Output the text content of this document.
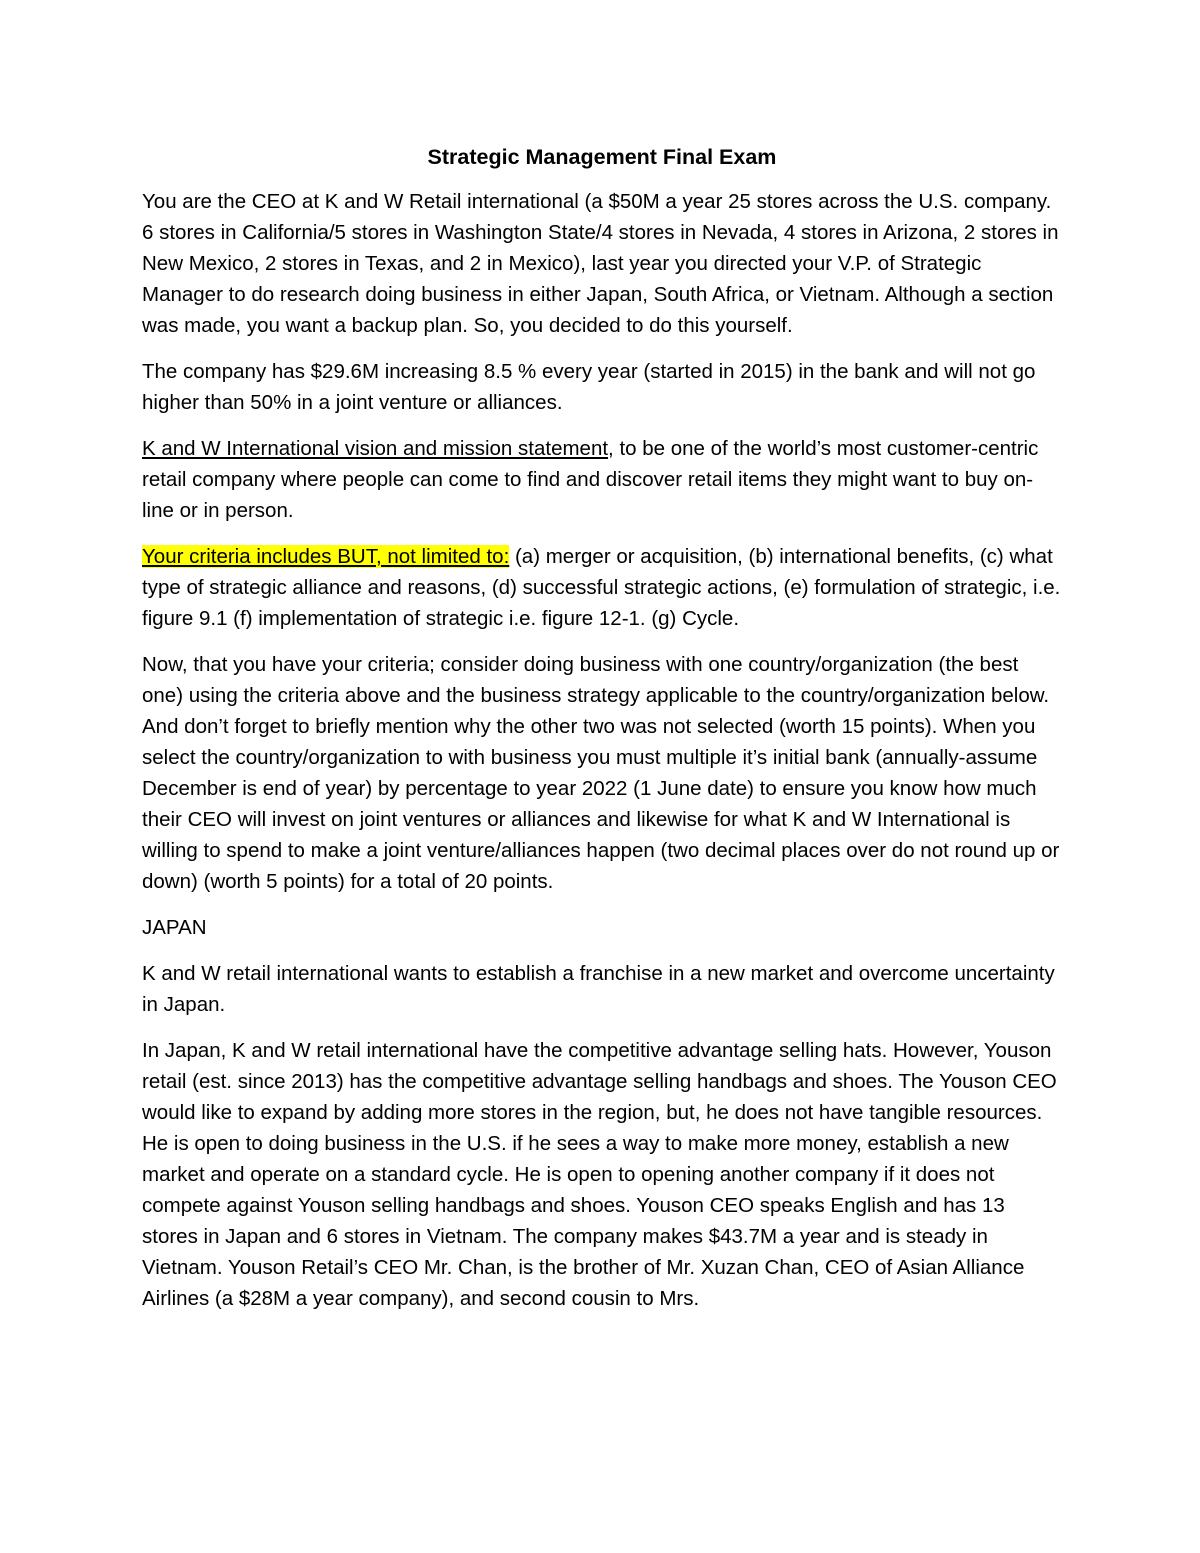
Strategic Management Final Exam

You are the CEO at K and W Retail international (a $50M a year 25 stores across the U.S. company. 6 stores in California/5 stores in Washington State/4 stores in Nevada, 4 stores in Arizona, 2 stores in New Mexico, 2 stores in Texas, and 2 in Mexico), last year you directed your V.P. of Strategic Manager to do research doing business in either Japan, South Africa, or Vietnam. Although a section was made, you want a backup plan. So, you decided to do this yourself.

The company has $29.6M increasing 8.5 % every year (started in 2015) in the bank and will not go higher than 50% in a joint venture or alliances.

K and W International vision and mission statement, to be one of the world’s most customer-centric retail company where people can come to find and discover retail items they might want to buy on-line or in person.

Your criteria includes BUT, not limited to: (a) merger or acquisition, (b) international benefits, (c) what type of strategic alliance and reasons, (d) successful strategic actions, (e) formulation of strategic, i.e. figure 9.1 (f) implementation of strategic i.e. figure 12-1. (g) Cycle.

Now, that you have your criteria; consider doing business with one country/organization (the best one) using the criteria above and the business strategy applicable to the country/organization below. And don’t forget to briefly mention why the other two was not selected (worth 15 points). When you select the country/organization to with business you must multiple it’s initial bank (annually-assume December is end of year) by percentage to year 2022 (1 June date) to ensure you know how much their CEO will invest on joint ventures or alliances and likewise for what K and W International is willing to spend to make a joint venture/alliances happen (two decimal places over do not round up or down) (worth 5 points) for a total of 20 points.

JAPAN

K and W retail international wants to establish a franchise in a new market and overcome uncertainty in Japan.

In Japan, K and W retail international have the competitive advantage selling hats. However, Youson retail (est. since 2013) has the competitive advantage selling handbags and shoes. The Youson CEO would like to expand by adding more stores in the region, but, he does not have tangible resources. He is open to doing business in the U.S. if he sees a way to make more money, establish a new market and operate on a standard cycle. He is open to opening another company if it does not compete against Youson selling handbags and shoes. Youson CEO speaks English and has 13 stores in Japan and 6 stores in Vietnam. The company makes $43.7M a year and is steady in Vietnam. Youson Retail’s CEO Mr. Chan, is the brother of Mr. Xuzan Chan, CEO of Asian Alliance Airlines (a $28M a year company), and second cousin to Mrs.
